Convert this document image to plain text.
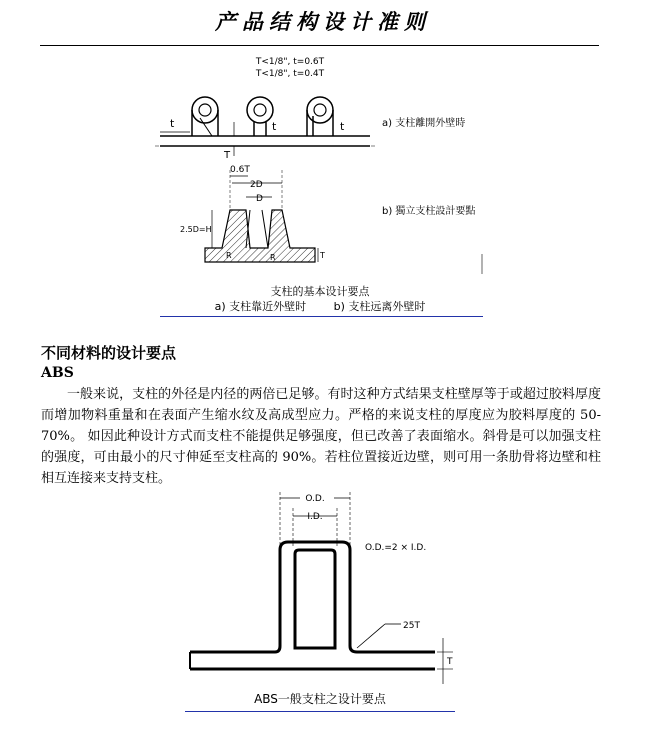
产品结构设计准则
T<1/8", t=0.6T
T<1/8", t=0.4T
t	t	t
T
a) 支柱離開外壁時
0.6T
2D
D
2.5D=H
R	R	T
b) 獨立支柱設計要點
支柱的基本设计要点
a) 支柱靠近外壁时	b) 支柱远离外壁时
不同材料的设计要点
ABS
一般来说，支柱的外径是内径的两倍已足够。有时这种方式结果支柱壁厚等于或超过胶料厚度而增加物料重量和在表面产生缩水纹及高成型应力。严格的来说支柱的厚度应为胶料厚度的 50-70%。 如因此种设计方式而支柱不能提供足够强度，但已改善了表面缩水。斜骨是可以加强支柱的强度，可由最小的尺寸伸延至支柱高的 90%。若柱位置接近边壁，则可用一条肋骨将边壁和柱相互连接来支持支柱。
O.D.
I.D.
O.D.=2 × I.D.
25T
T
ABS一般支柱之设计要点
